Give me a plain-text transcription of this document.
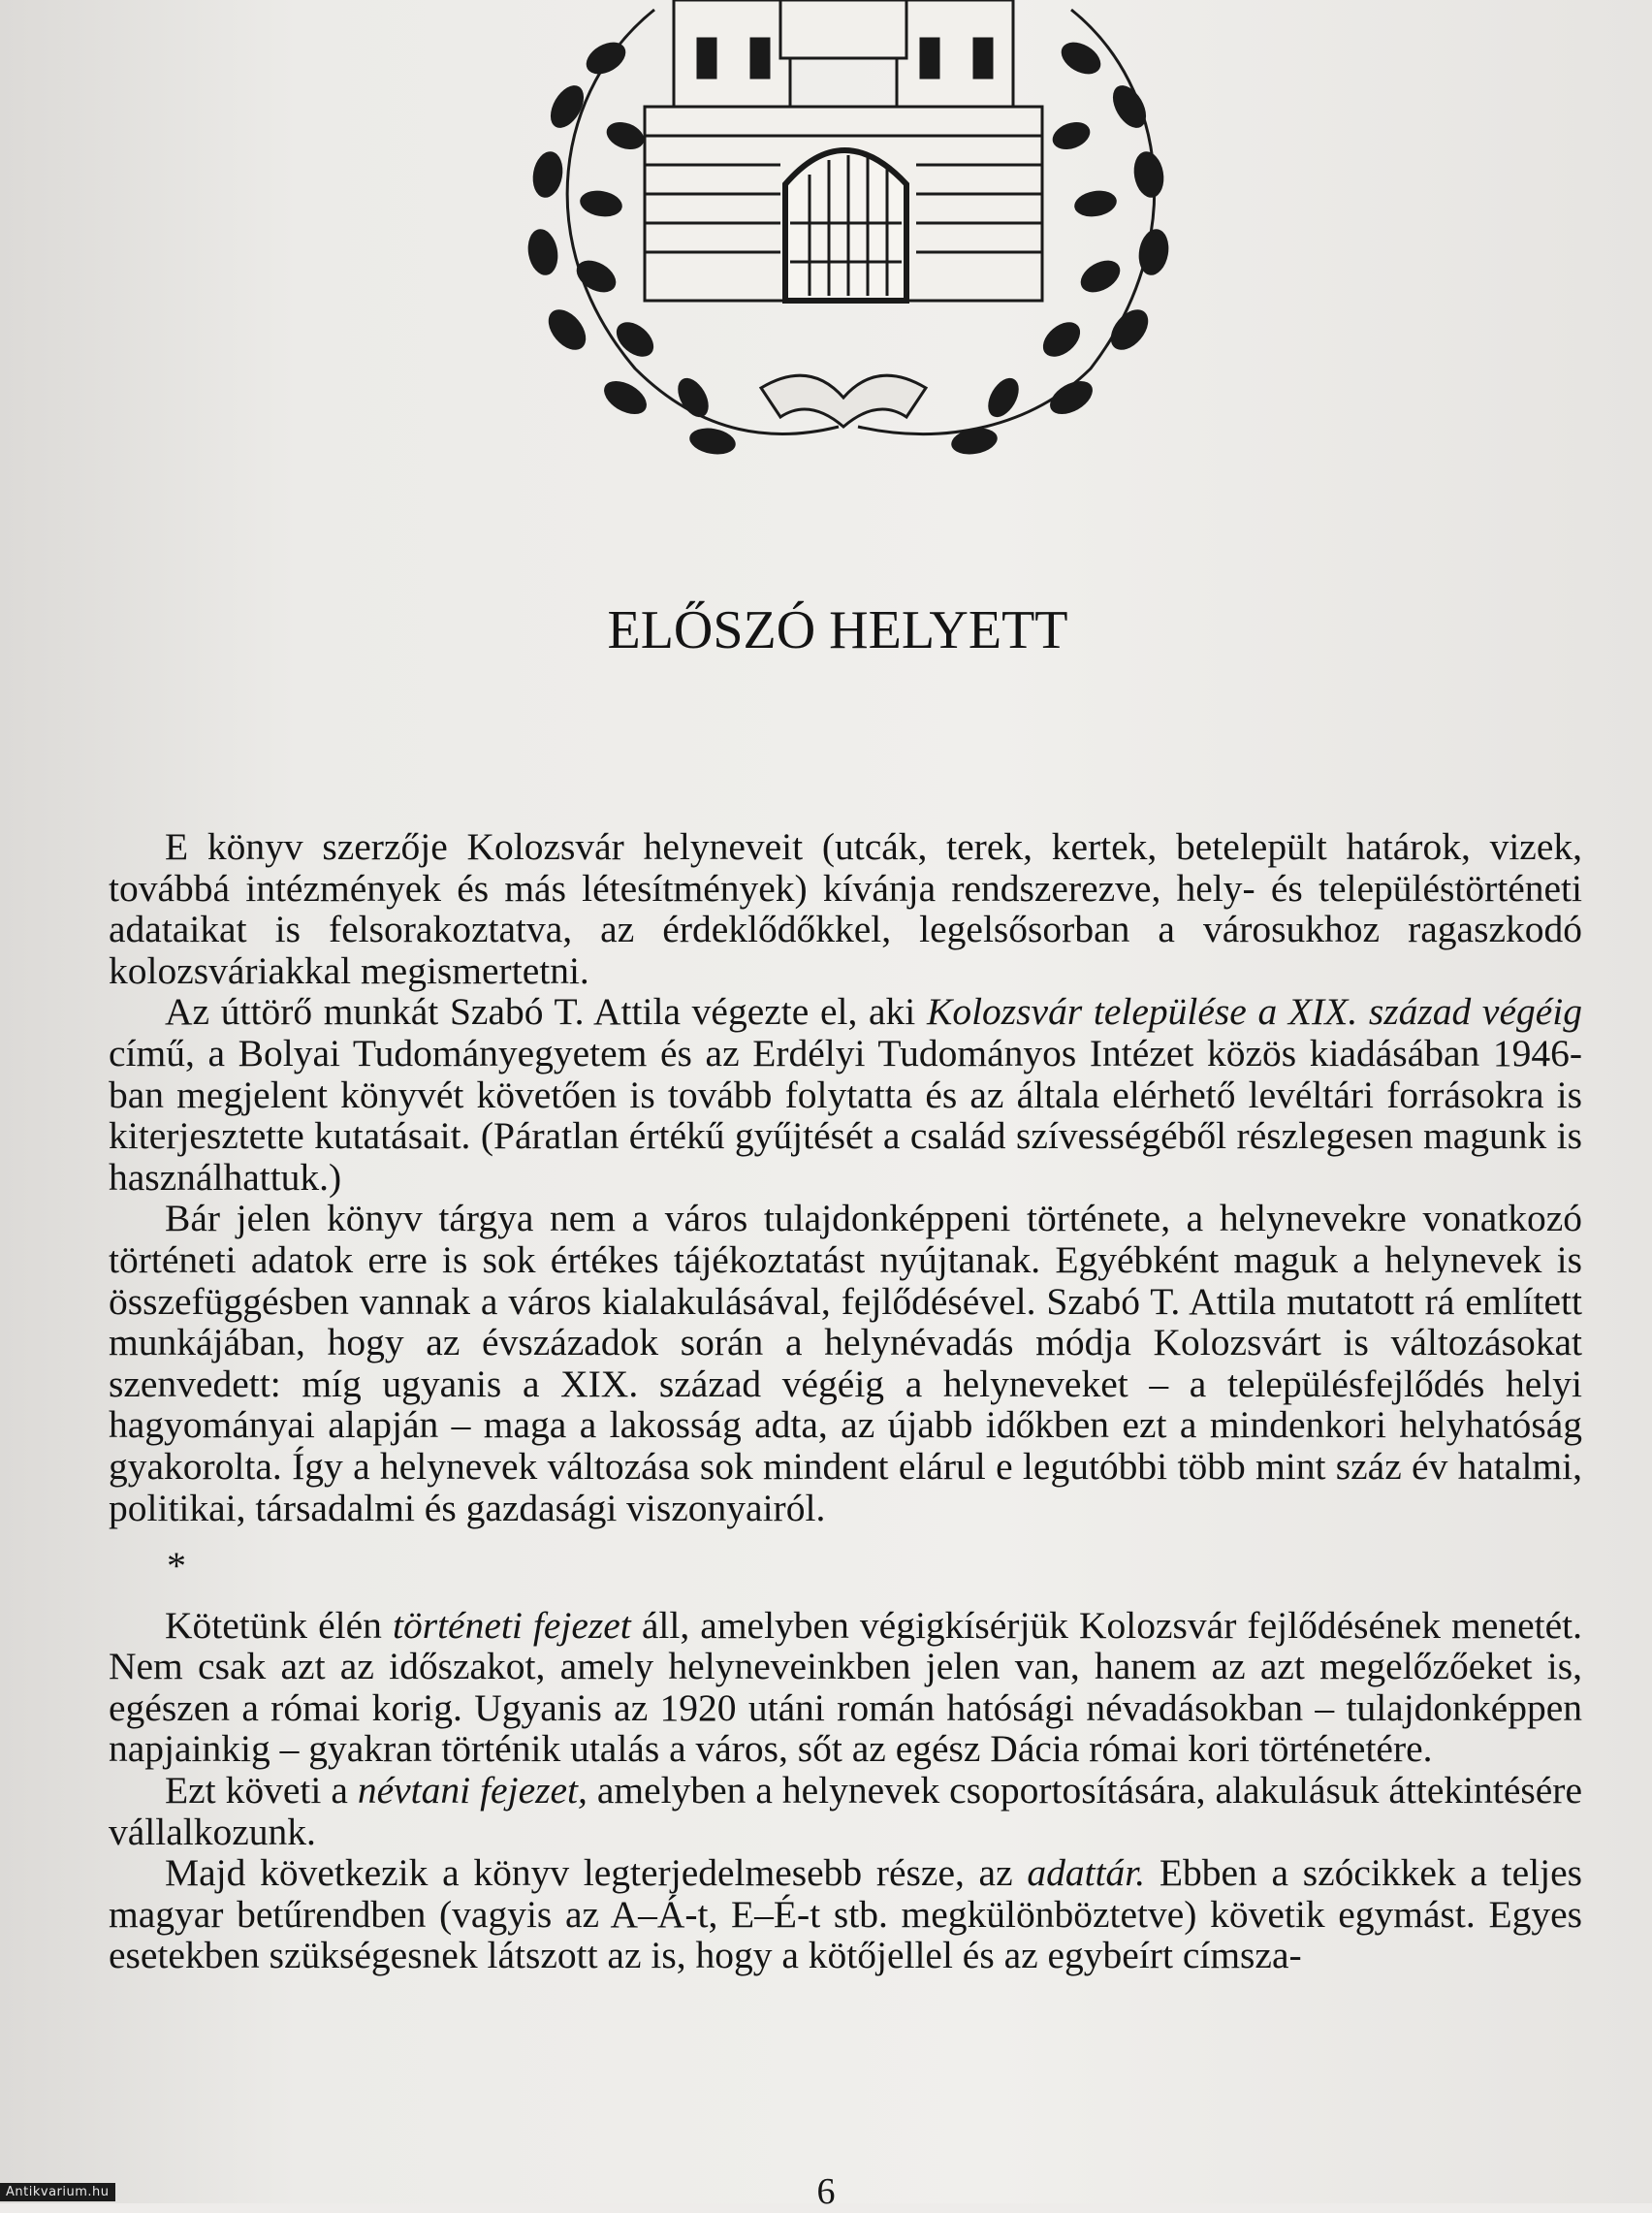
ELŐSZÓ HELYETT

E könyv szerzője Kolozsvár helyneveit (utcák, terek, kertek, betelepült határok, vizek, továbbá intézmények és más létesítmények) kívánja rendszerezve, hely- és településtörténeti adataikat is felsorakoztatva, az érdeklődőkkel, legelsősorban a városukhoz ragaszkodó kolozsváriakkal megismertetni.

Az úttörő munkát Szabó T. Attila végezte el, aki Kolozsvár települése a XIX. század végéig című, a Bolyai Tudományegyetem és az Erdélyi Tudományos Intézet közös kiadásában 1946-ban megjelent könyvét követően is tovább folytatta és az általa elérhető levéltári forrásokra is kiterjesztette kutatásait. (Páratlan értékű gyűjtését a család szívességéből részlegesen magunk is használhattuk.)

Bár jelen könyv tárgya nem a város tulajdonképpeni története, a helynevekre vonatkozó történeti adatok erre is sok értékes tájékoztatást nyújtanak. Egyébként maguk a helynevek is összefüggésben vannak a város kialakulásával, fejlődésével. Szabó T. Attila mutatott rá említett munkájában, hogy az évszázadok során a helynévadás módja Kolozsvárt is változásokat szenvedett: míg ugyanis a XIX. század végéig a helyneveket – a településfejlődés helyi hagyományai alapján – maga a lakosság adta, az újabb időkben ezt a mindenkori helyhatóság gyakorolta. Így a helynevek változása sok mindent elárul e legutóbbi több mint száz év hatalmi, politikai, társadalmi és gazdasági viszonyairól.

*

Kötetünk élén történeti fejezet áll, amelyben végigkísérjük Kolozsvár fejlődésének menetét. Nem csak azt az időszakot, amely helyneveinkben jelen van, hanem az azt megelőzőeket is, egészen a római korig. Ugyanis az 1920 utáni román hatósági névadásokban – tulajdonképpen napjainkig – gyakran történik utalás a város, sőt az egész Dácia római kori történetére.

Ezt követi a névtani fejezet, amelyben a helynevek csoportosítására, alakulásuk áttekintésére vállalkozunk.

Majd következik a könyv legterjedelmesebb része, az adattár. Ebben a szócikkek a teljes magyar betűrendben (vagyis az A–Á-t, E–É-t stb. megkülönböztetve) követik egymást. Egyes esetekben szükségesnek látszott az is, hogy a kötőjellel és az egybeírt címsza-

6
Antikvarium.hu
